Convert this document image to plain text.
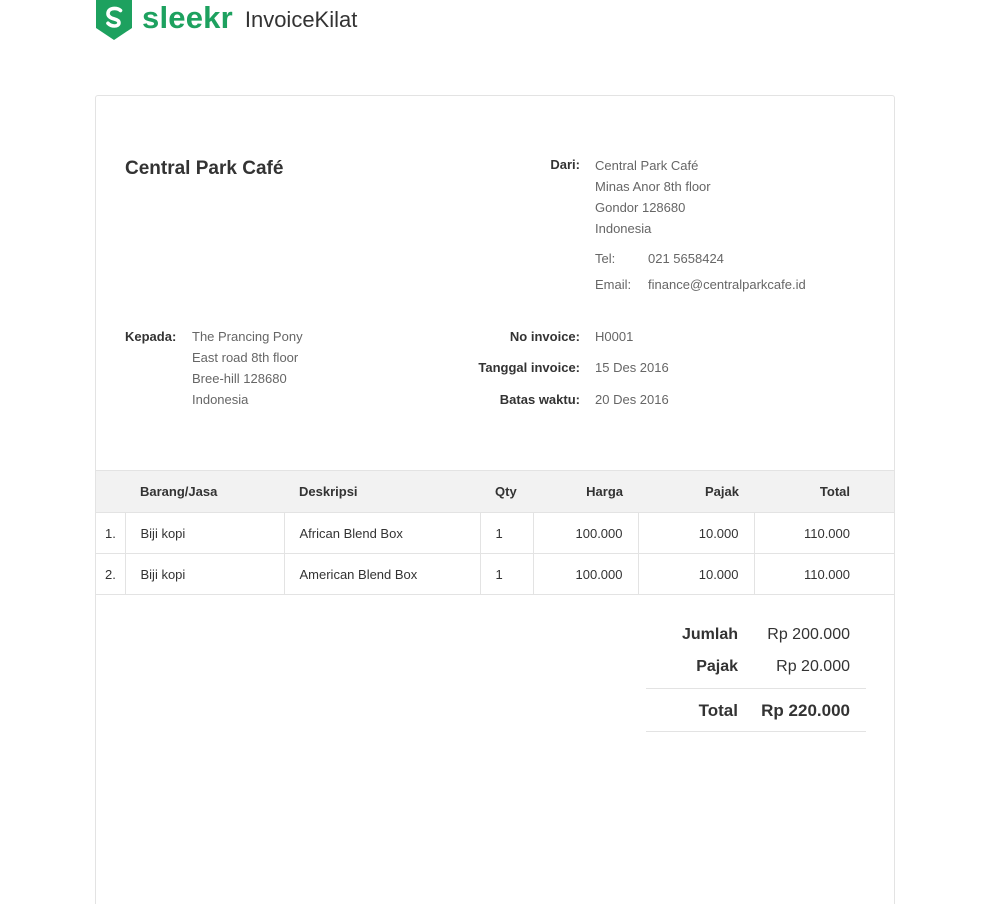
sleekr InvoiceKilat
Central Park Café	Dari: Central Park Café
Minas Anor 8th floor
Gondor 128680
Indonesia
Tel:	021 5658424
Email: finance@centralparkcafe.id
Kepada: The Prancing Pony
East road 8th floor
Bree-hill 128680
Indonesia
No invoice: H0001
Tanggal invoice: 15 Des 2016
Batas waktu: 20 Des 2016
	Barang/Jasa	Deskripsi	Qty	Harga	Pajak	Total
1.	Biji kopi	African Blend Box	1	100.000	10.000	110.000
2.	Biji kopi	American Blend Box	1	100.000	10.000	110.000
Jumlah Rp 200.000
Pajak Rp 20.000
Total Rp 220.000
